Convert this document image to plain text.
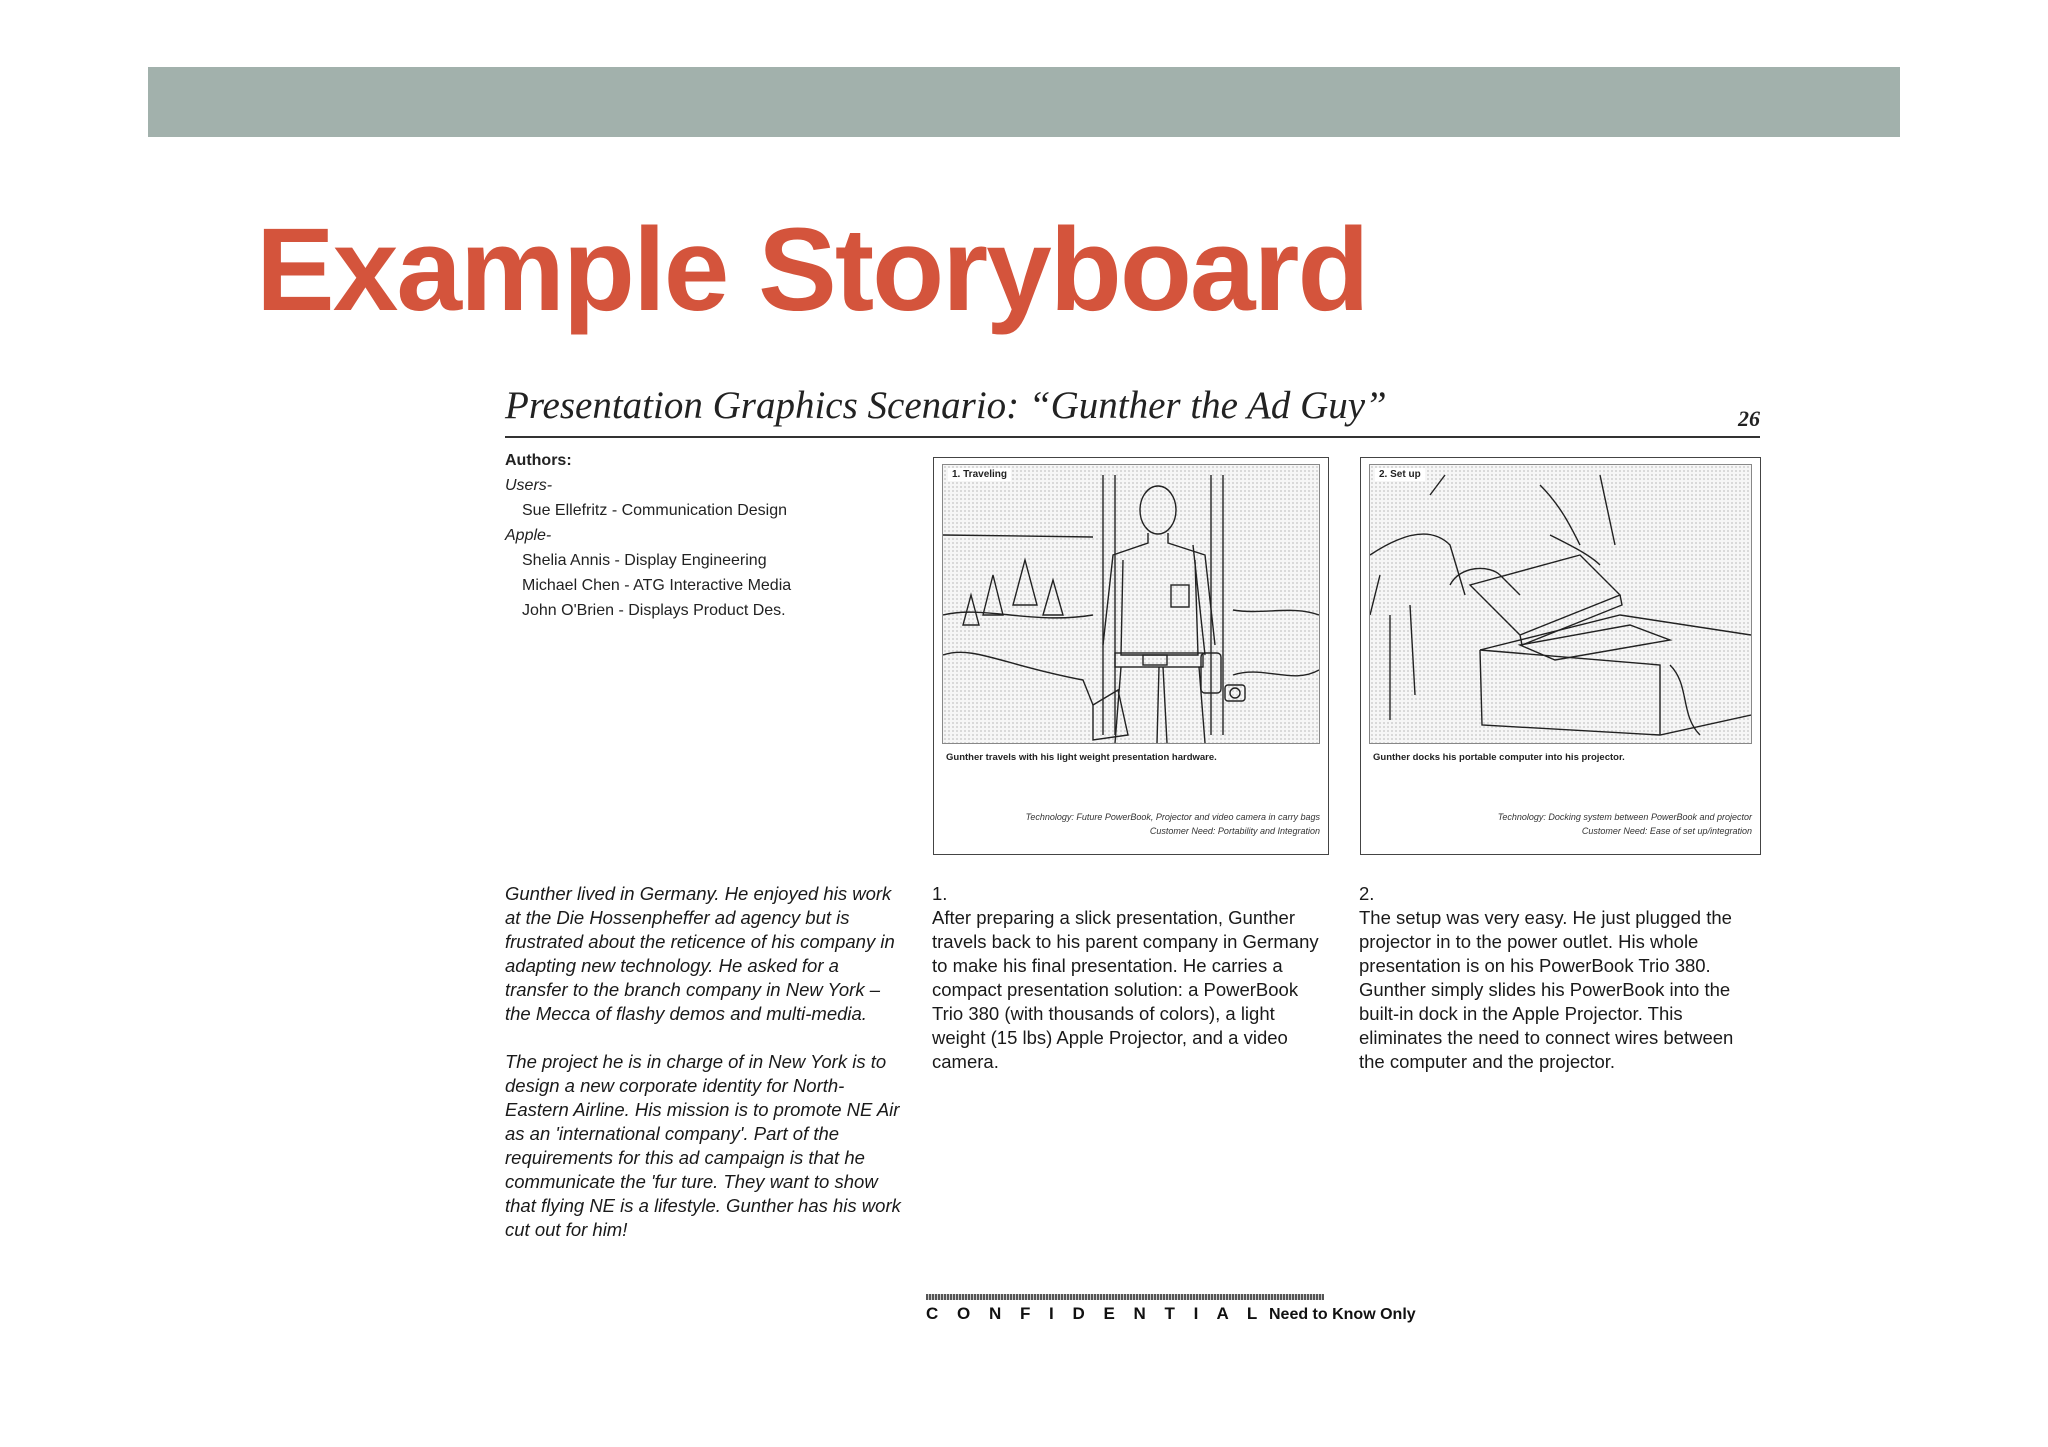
Example Storyboard
Presentation Graphics Scenario: “Gunther the Ad Guy”	26
Authors:
Users-
Sue Ellefritz - Communication Design
Apple-
Shelia Annis - Display Engineering
Michael Chen - ATG Interactive Media
John O'Brien - Displays Product Des.
1. Traveling
Gunther travels with his light weight presentation hardware.
Technology: Future PowerBook, Projector and video camera in carry bags
Customer Need: Portability and Integration
2. Set up
Gunther docks his portable computer into his projector.
Technology: Docking system between PowerBook and projector
Customer Need: Ease of set up/integration

Gunther lived in Germany. He enjoyed his work at the Die Hossenpheffer ad agency but is frustrated about the reticence of his company in adapting new technology. He asked for a transfer to the branch company in New York – the Mecca of flashy demos and multi-media.

The project he is in charge of in New York is to design a new corporate identity for North-Eastern Airline. His mission is to promote NE Air as an 'international company'. Part of the requirements for this ad campaign is that he communicate the 'fur ture. They want to show that flying NE is a lifestyle. Gunther has his work cut out for him!

1.

After preparing a slick presentation, Gunther travels back to his parent company in Germany to make his final presentation. He carries a compact presentation solution: a PowerBook Trio 380 (with thousands of colors), a light weight (15 lbs) Apple Projector, and a video camera.

2.

The setup was very easy. He just plugged the projector in to the power outlet. His whole presentation is on his PowerBook Trio 380. Gunther simply slides his PowerBook into the built-in dock in the Apple Projector. This eliminates the need to connect wires between the computer and the projector.

C O N F I D E N T I A L Need to Know Only
